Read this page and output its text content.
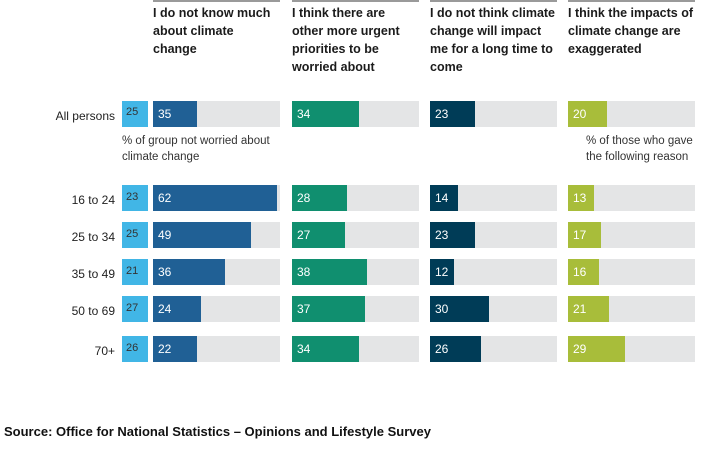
I do not know much about climate change
I think there are other more urgent priorities to be worried about
I do not think climate change will impact me for a long time to come
I think the impacts of climate change are exaggerated
All persons 25 35	34	23	20
% of group not worried about climate change
% of those who gave the following reason
16 to 24 23 62	28	14	13
25 to 34 25 49	27	23	17
35 to 49 21 36	38	12	16
50 to 69 27 24	37	30	21
70+ 26 22	34	26	29
Source: Office for National Statistics – Opinions and Lifestyle Survey
